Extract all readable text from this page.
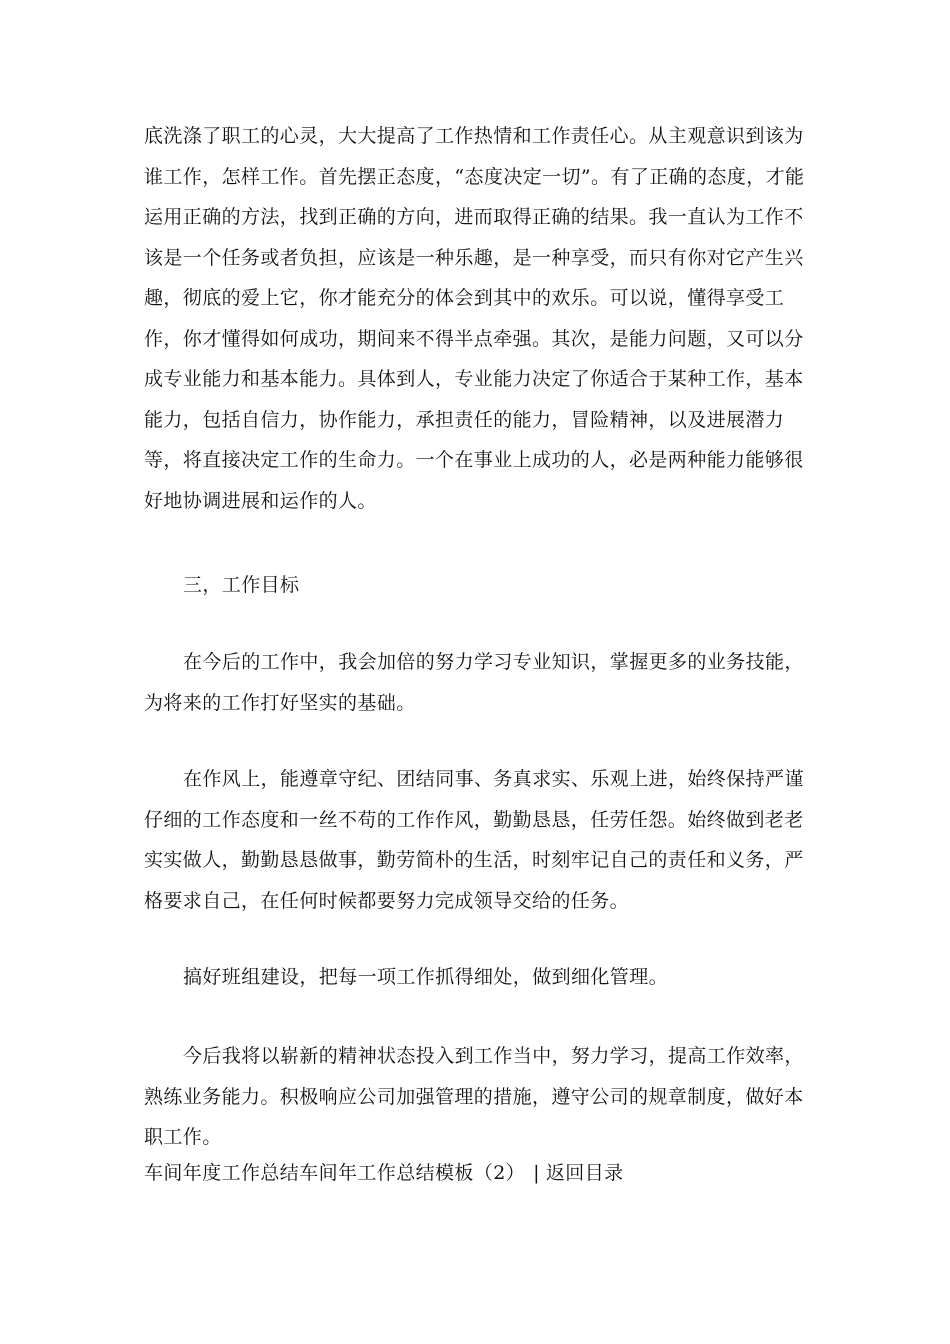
底洗涤了职工的心灵，大大提高了工作热情和工作责任心。从主观意识到该为谁工作，怎样工作。首先摆正态度，“态度决定一切”。有了正确的态度，才能运用正确的方法，找到正确的方向，进而取得正确的结果。我一直认为工作不该是一个任务或者负担，应该是一种乐趣，是一种享受，而只有你对它产生兴趣，彻底的爱上它，你才能充分的体会到其中的欢乐。可以说，懂得享受工作，你才懂得如何成功，期间来不得半点牵强。其次，是能力问题，又可以分成专业能力和基本能力。具体到人，专业能力决定了你适合于某种工作，基本能力，包括自信力，协作能力，承担责任的能力，冒险精神，以及进展潜力等，将直接决定工作的生命力。一个在事业上成功的人，必是两种能力能够很好地协调进展和运作的人。

三，工作目标

在今后的工作中，我会加倍的努力学习专业知识，掌握更多的业务技能，为将来的工作打好坚实的基础。

在作风上，能遵章守纪、团结同事、务真求实、乐观上进，始终保持严谨仔细的工作态度和一丝不苟的工作作风，勤勤恳恳，任劳任怨。始终做到老老实实做人，勤勤恳恳做事，勤劳简朴的生活，时刻牢记自己的责任和义务，严格要求自己，在任何时候都要努力完成领导交给的任务。

搞好班组建设，把每一项工作抓得细处，做到细化管理。

今后我将以崭新的精神状态投入到工作当中，努力学习，提高工作效率，熟练业务能力。积极响应公司加强管理的措施，遵守公司的规章制度，做好本职工作。

车间年度工作总结车间年工作总结模板（2） | 返回目录
